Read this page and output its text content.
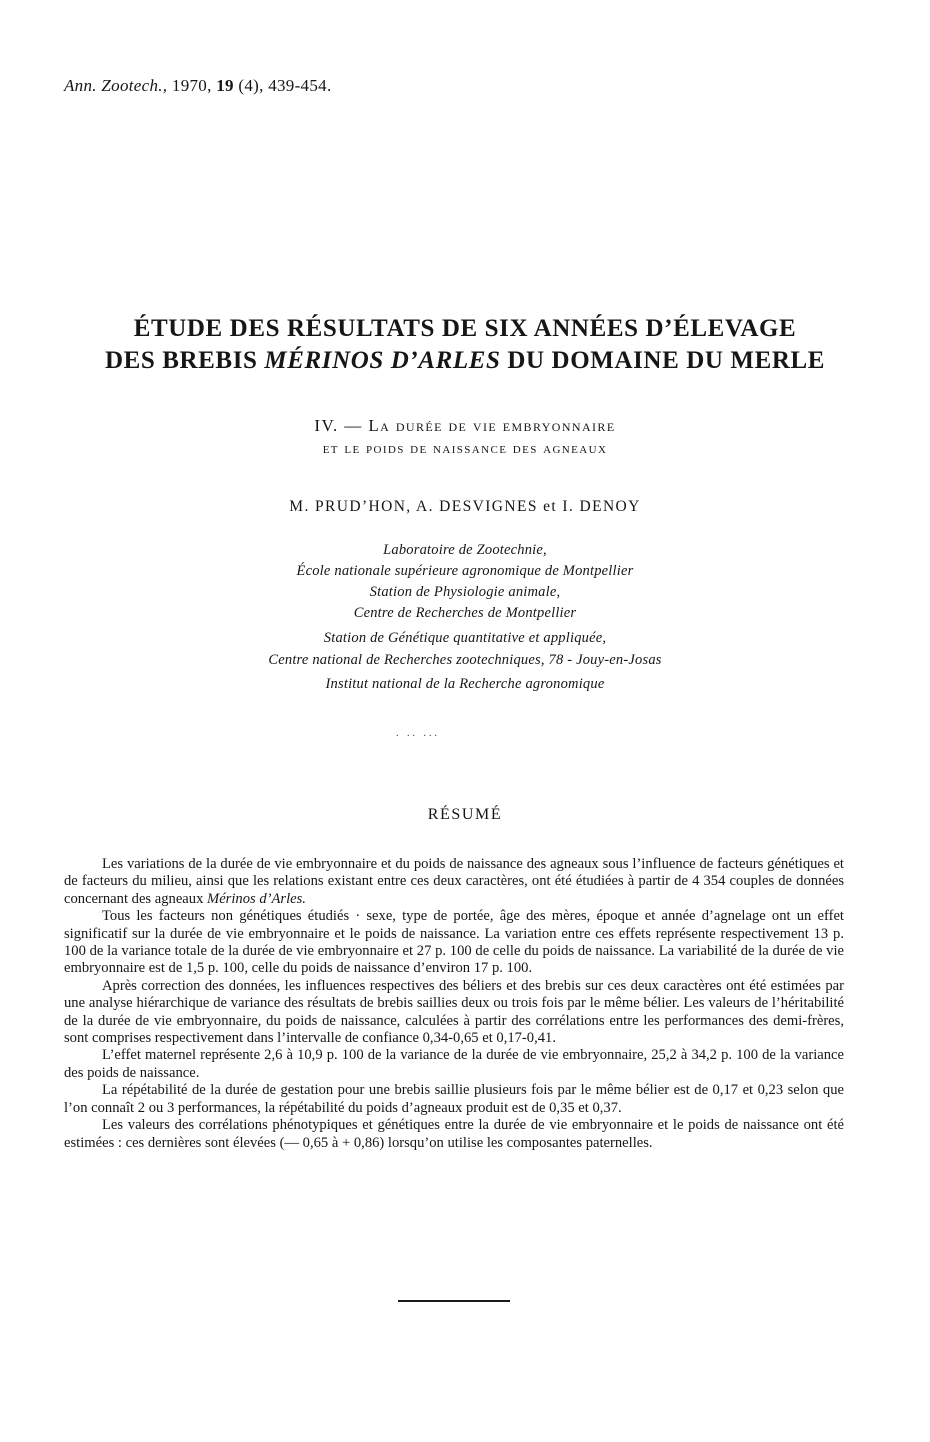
Ann. Zootech., 1970, 19 (4), 439-454.
ÉTUDE DES RÉSULTATS DE SIX ANNÉES D’ÉLEVAGE
DES BREBIS MÉRINOS D’ARLES DU DOMAINE DU MERLE
IV. — La durée de vie embryonnaire
et le poids de naissance des agneaux
M. PRUD’HON, A. DESVIGNES et I. DENOY
Laboratoire de Zootechnie,
École nationale supérieure agronomique de Montpellier
Station de Physiologie animale,
Centre de Recherches de Montpellier
Station de Génétique quantitative et appliquée,
Centre national de Recherches zootechniques, 78 - Jouy-en-Josas
Institut national de la Recherche agronomique
. .. ...
RÉSUMÉ

Les variations de la durée de vie embryonnaire et du poids de naissance des agneaux sous l’influence de facteurs génétiques et de facteurs du milieu, ainsi que les relations existant entre ces deux caractères, ont été étudiées à partir de 4 354 couples de données concernant des agneaux Mérinos d’Arles.

Tous les facteurs non génétiques étudiés · sexe, type de portée, âge des mères, époque et année d’agnelage ont un effet significatif sur la durée de vie embryonnaire et le poids de naissance. La variation entre ces effets représente respectivement 13 p. 100 de la variance totale de la durée de vie embryonnaire et 27 p. 100 de celle du poids de naissance. La variabilité de la durée de vie embryonnaire est de 1,5 p. 100, celle du poids de naissance d’environ 17 p. 100.

Après correction des données, les influences respectives des béliers et des brebis sur ces deux caractères ont été estimées par une analyse hiérarchique de variance des résultats de brebis saillies deux ou trois fois par le même bélier. Les valeurs de l’héritabilité de la durée de vie embryonnaire, du poids de naissance, calculées à partir des corrélations entre les performances des demi-frères, sont comprises respectivement dans l’intervalle de confiance 0,34-0,65 et 0,17-0,41.

L’effet maternel représente 2,6 à 10,9 p. 100 de la variance de la durée de vie embryonnaire, 25,2 à 34,2 p. 100 de la variance des poids de naissance.

La répétabilité de la durée de gestation pour une brebis saillie plusieurs fois par le même bélier est de 0,17 et 0,23 selon que l’on connaît 2 ou 3 performances, la répétabilité du poids d’agneaux produit est de 0,35 et 0,37.

Les valeurs des corrélations phénotypiques et génétiques entre la durée de vie embryonnaire et le poids de naissance ont été estimées : ces dernières sont élevées (— 0,65 à + 0,86) lorsqu’on utilise les composantes paternelles.
